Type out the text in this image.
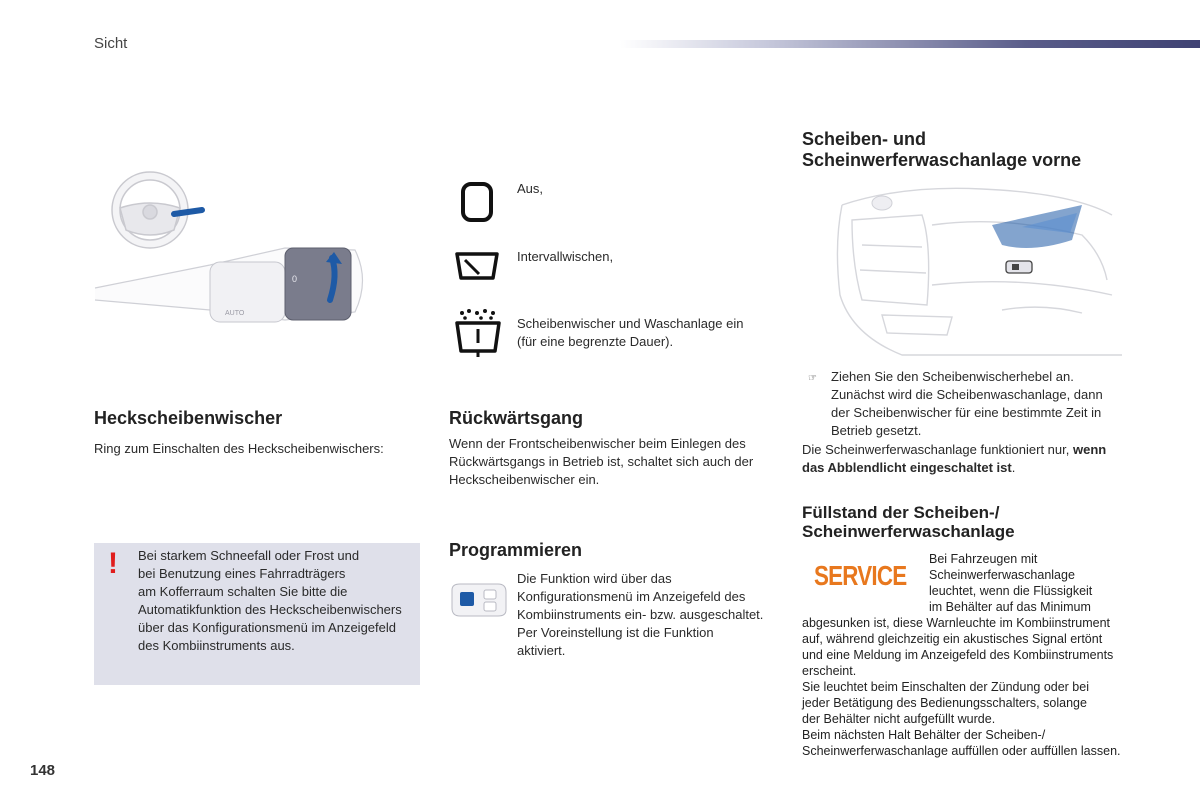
Sicht
0
AUTO
Aus,
Intervallwischen,
Scheibenwischer und Waschanlage ein
(für eine begrenzte Dauer).
Heckscheibenwischer
Ring zum Einschalten des Heckscheibenwischers:
! Bei starkem Schneefall oder Frost und
bei Benutzung eines Fahrradträgers
am Kofferraum schalten Sie bitte die
Automatikfunktion des Heckscheibenwischers
über das Konfigurationsmenü im Anzeigefeld
des Kombiinstruments aus.
Rückwärtsgang
Wenn der Frontscheibenwischer beim Einlegen des
Rückwärtsgangs in Betrieb ist, schaltet sich auch der
Heckscheibenwischer ein.
Programmieren
Die Funktion wird über das
Konfigurationsmenü im Anzeigefeld des
Kombiinstruments ein- bzw. ausgeschaltet.
Per Voreinstellung ist die Funktion
aktiviert.
Scheiben- und
Scheinwerferwaschanlage vorne
☞ Ziehen Sie den Scheibenwischerhebel an.
Zunächst wird die Scheibenwaschanlage, dann
der Scheibenwischer für eine bestimmte Zeit in
Betrieb gesetzt.
Die Scheinwerferwaschanlage funktioniert nur, wenn
das Abblendlicht eingeschaltet ist.
Füllstand der Scheiben-/
Scheinwerferwaschanlage
SERVICE
Bei Fahrzeugen mit
Scheinwerferwaschanlage
leuchtet, wenn die Flüssigkeit
im Behälter auf das Minimum
abgesunken ist, diese Warnleuchte im Kombiinstrument
auf, während gleichzeitig ein akustisches Signal ertönt
und eine Meldung im Anzeigefeld des Kombiinstruments
erscheint.
Sie leuchtet beim Einschalten der Zündung oder bei
jeder Betätigung des Bedienungsschalters, solange
der Behälter nicht aufgefüllt wurde.
Beim nächsten Halt Behälter der Scheiben-/
Scheinwerferwaschanlage auffüllen oder auffüllen lassen.
148
